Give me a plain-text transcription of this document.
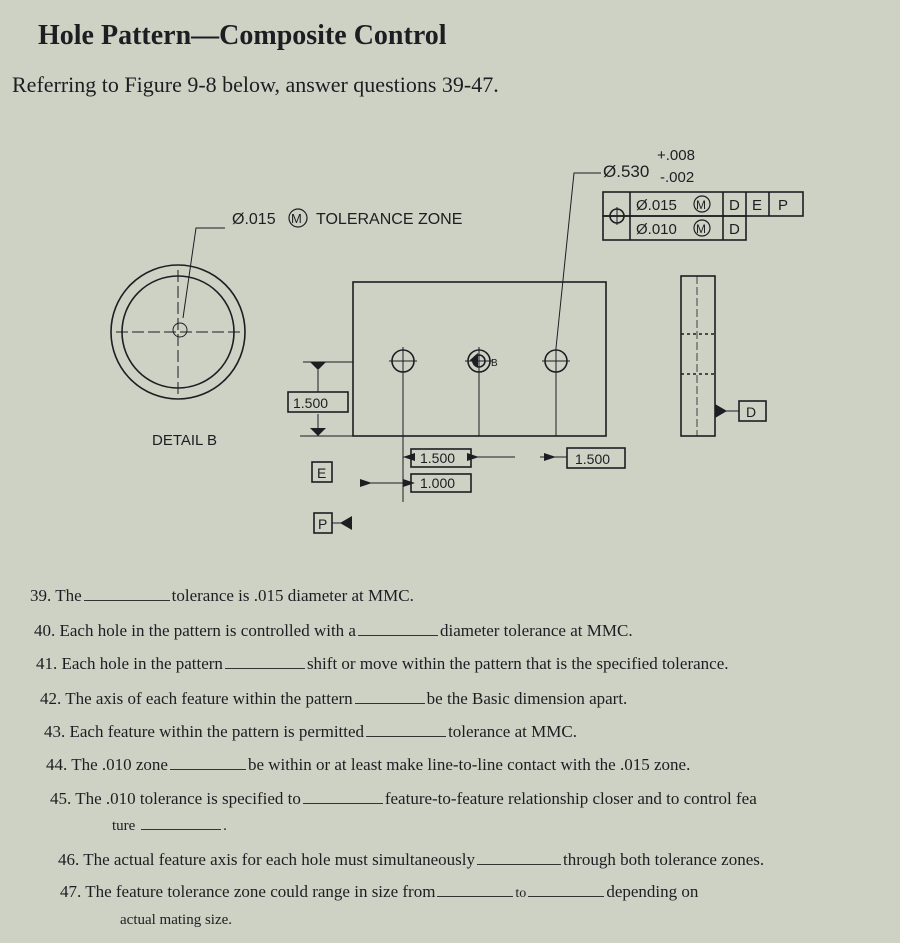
Hole Pattern—Composite Control
Referring to Figure 9-8 below, answer questions 39-47.
Ø.530
+.008
-.002
Ø.015 M D E P
Ø.010 M D
Ø.015 M TOLERANCE ZONE
DETAIL B
1.500
E
P
1.500
1.000
1.500
D
B
39. The	tolerance is .015 diameter at MMC.
40. Each hole in the pattern is controlled with a	diameter tolerance at MMC.
41. Each hole in the pattern	shift or move within the pattern that is the specified tolerance.
42. The axis of each feature within the pattern	be the Basic dimension apart.
43. Each feature within the pattern is permitted	tolerance at MMC.
44. The .010 zone	be within or at least make line-to-line contact with the .015 zone.
45. The .010 tolerance is specified to	feature-to-feature relationship closer and to control fea
ture	.
46. The actual feature axis for each hole must simultaneously	through both tolerance zones.
47. The feature tolerance zone could range in size from	to	depending on
actual mating size.
